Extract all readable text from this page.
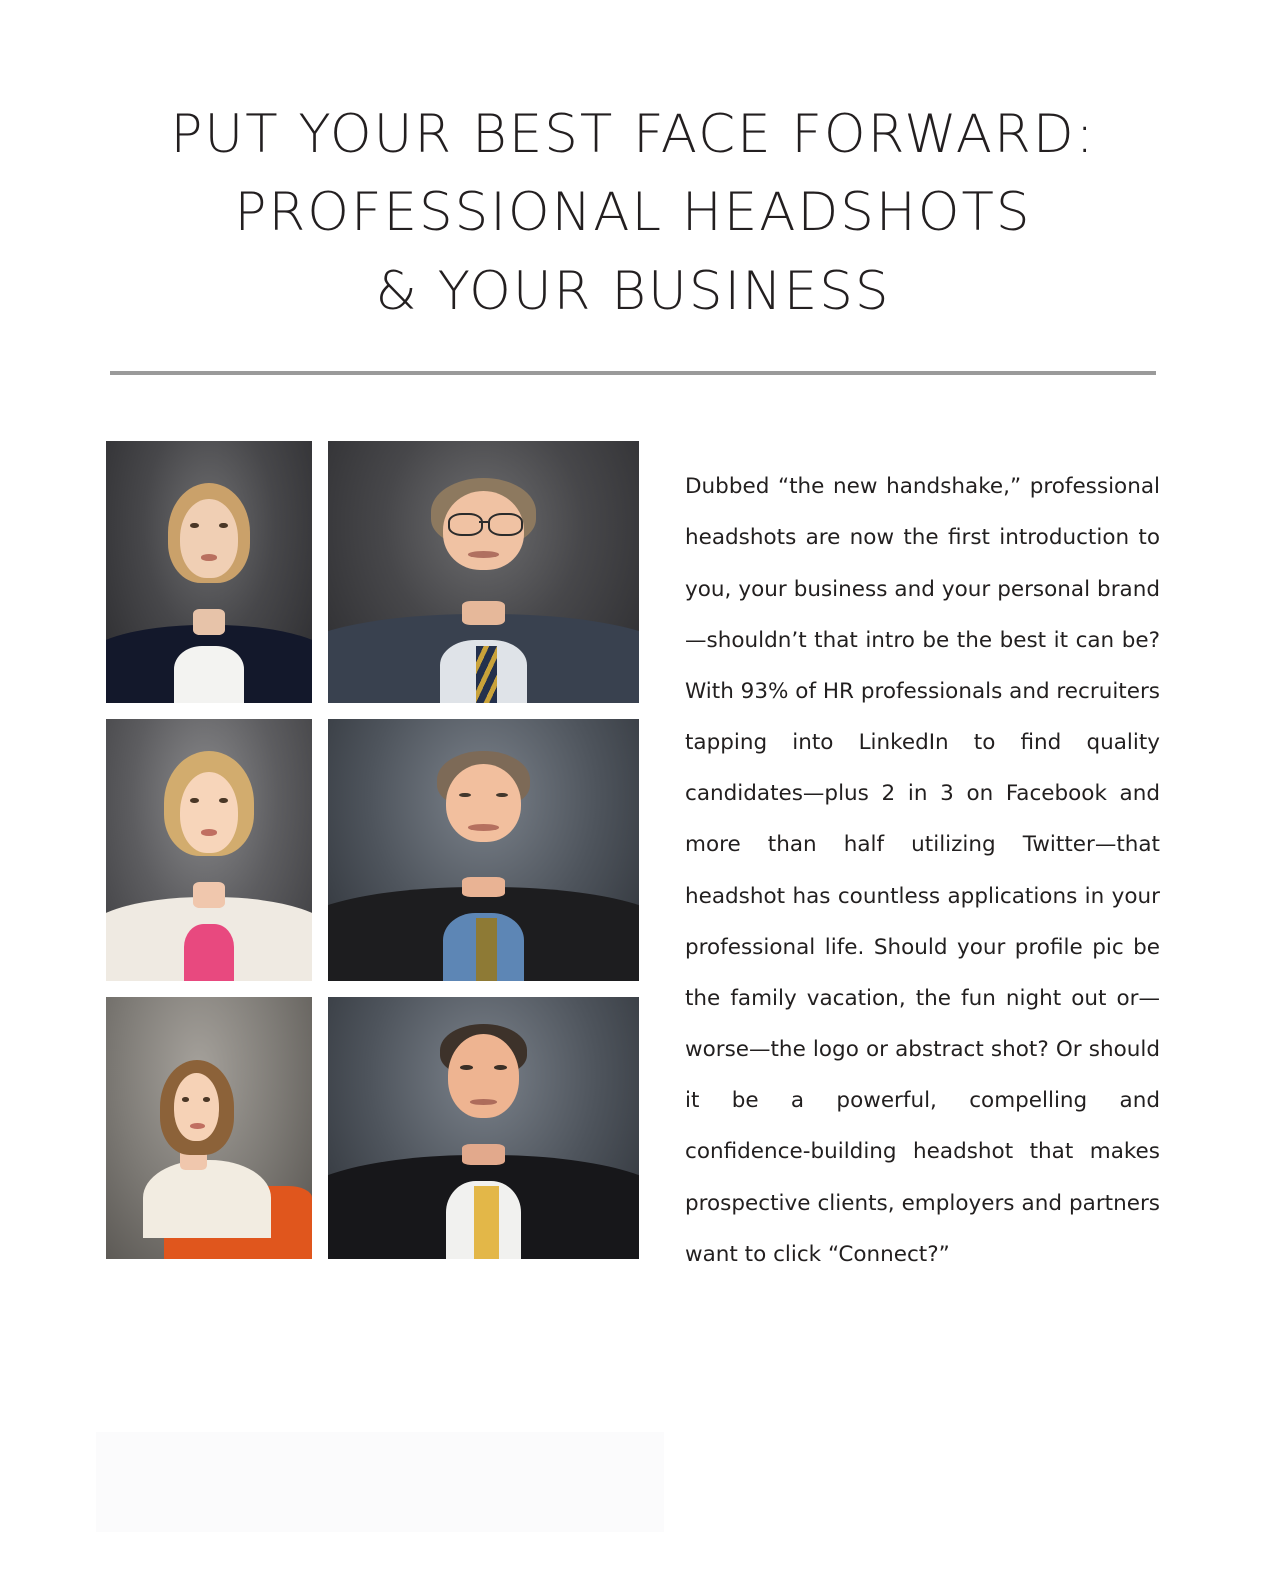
PUT YOUR BEST FACE FORWARD:
PROFESSIONAL HEADSHOTS
& YOUR BUSINESS

Dubbed “the new handshake,” professional headshots are now the first introduction to you, your business and your personal brand—shouldn’t that intro be the best it can be? With 93% of HR professionals and recruiters tapping into LinkedIn to find quality candidates—plus 2 in 3 on Facebook and more than half utilizing Twitter—that headshot has countless applications in your professional life. Should your profile pic be the family vacation, the fun night out or—worse—the logo or abstract shot? Or should it be a powerful, compelling and confidence-building headshot that makes prospective clients, employers and partners want to click “Connect?”
